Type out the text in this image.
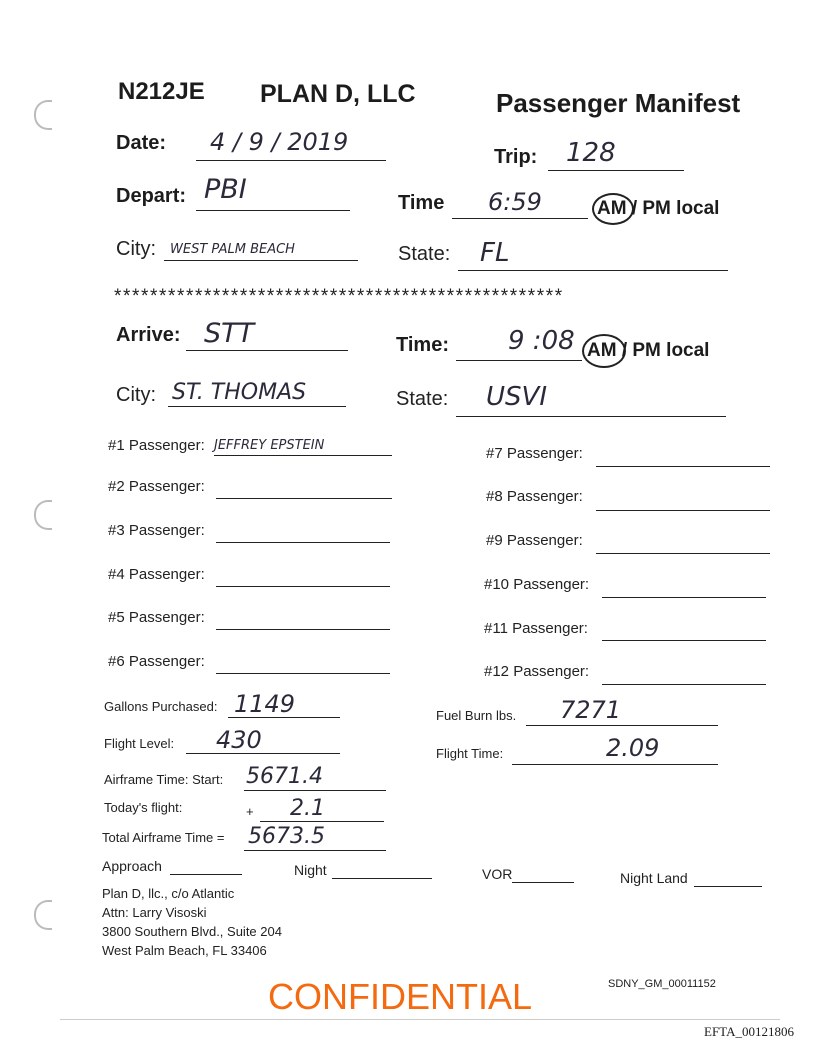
N212JE PLAN D, LLC	Passenger Manifest
Date: 4 / 9 / 2019
Trip: 128
Depart: PBI	Time 6:59	AM / PM local
City: WEST PALM BEACH	State: FL
**************************************************
Arrive: STT	Time: 9 :08 AM / PM local
City: ST. THOMAS	State: USVI
#1 Passenger: JEFFREY EPSTEIN
#2 Passenger:
#3 Passenger:
#4 Passenger:
#5 Passenger:
#6 Passenger:
#7 Passenger:
#8 Passenger:
#9 Passenger:
#10 Passenger:
#11 Passenger:
#12 Passenger:
Gallons Purchased: 1149	Fuel Burn lbs. 7271
Flight Level: 430	Flight Time:	2.09
Airframe Time: Start: 5671.4
Today's flight:	+ 2.1
Total Airframe Time = 5673.5
Approach	Night	VOR	Night Land
Plan D, llc., c/o Atlantic
Attn: Larry Visoski
3800 Southern Blvd., Suite 204
West Palm Beach, FL 33406
SDNY_GM_00011152
CONFIDENTIAL
EFTA_00121806
